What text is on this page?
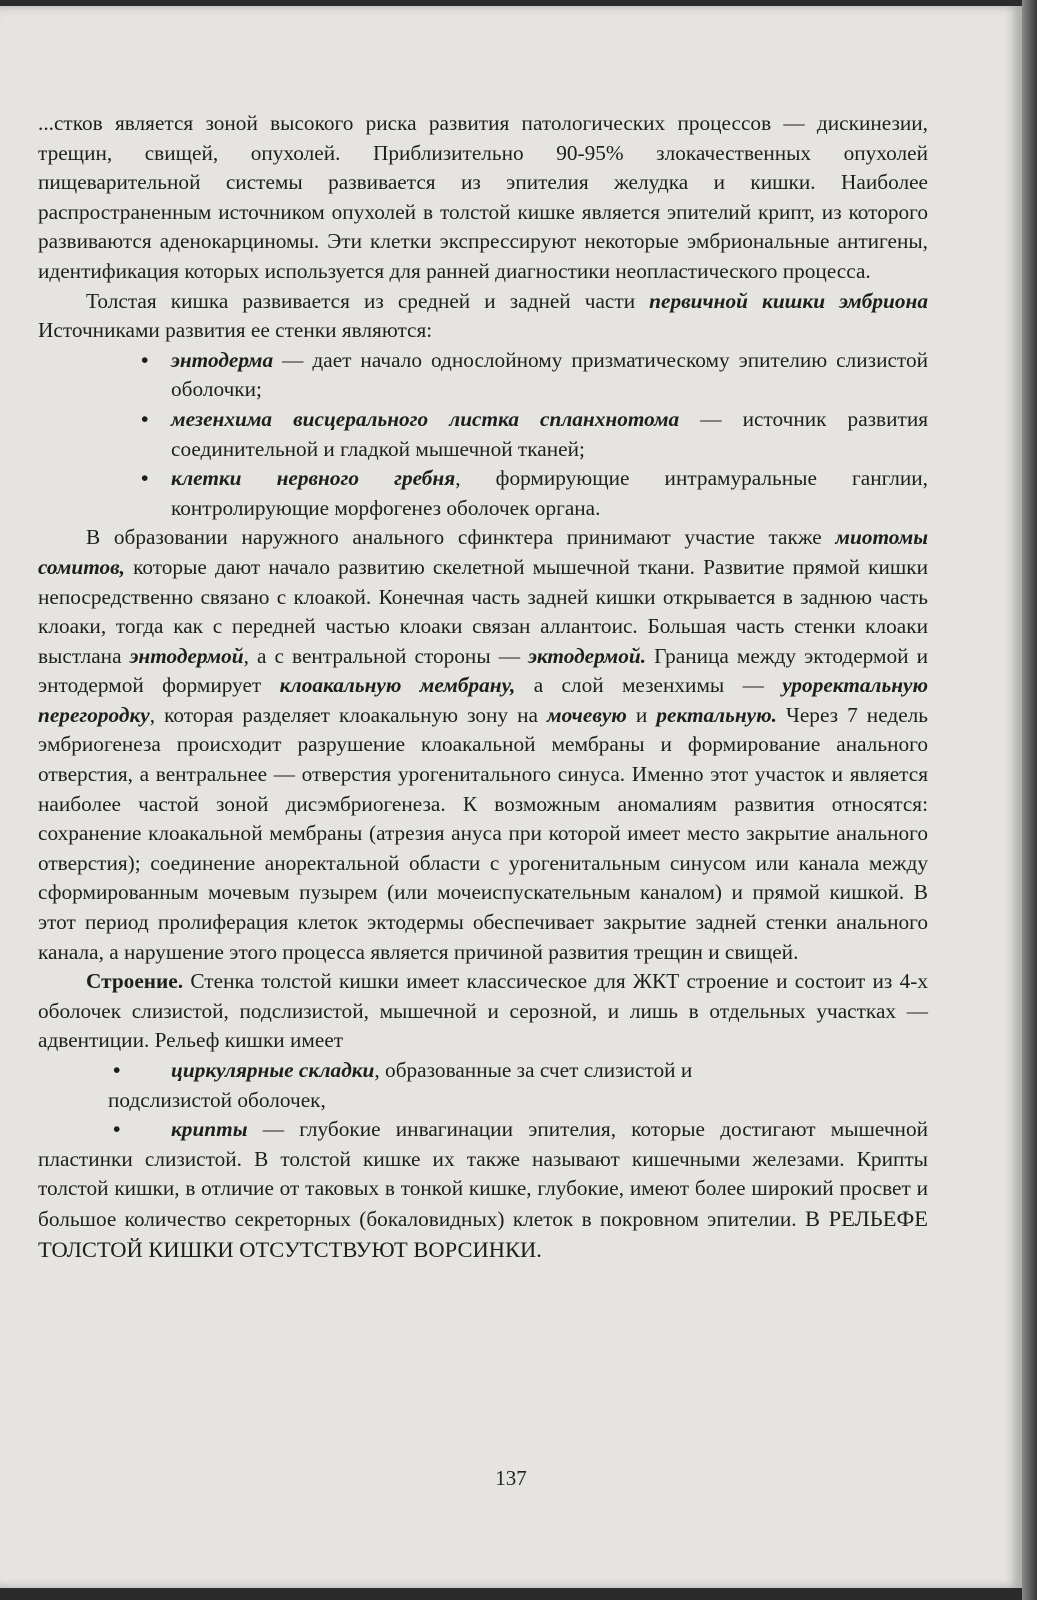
...стков является зоной высокого риска развития патологических процессов — дискинезии, трещин, свищей, опухолей. Приблизительно 90-95% злокачественных опухолей пищеварительной системы развивается из эпителия желудка и кишки. Наиболее распространенным источником опухолей в толстой кишке является эпителий крипт, из которого развиваются аденокарциномы. Эти клетки экспрессируют некоторые эмбриональные антигены, идентификация которых используется для ранней диагностики неопластического процесса.

Толстая кишка развивается из средней и задней части первичной кишки эмбриона Источниками развития ее стенки являются:

• энтодерма — дает начало однослойному призматическому эпителию слизистой оболочки;
• мезенхима висцерального листка спланхнотома — источник развития соединительной и гладкой мышечной тканей;
• клетки нервного гребня, формирующие интрамуральные ганглии, контролирующие морфогенез оболочек органа.

В образовании наружного анального сфинктера принимают участие также миотомы сомитов, которые дают начало развитию скелетной мышечной ткани. Развитие прямой кишки непосредственно связано с клоакой. Конечная часть задней кишки открывается в заднюю часть клоаки, тогда как с передней частью клоаки связан аллантоис. Большая часть стенки клоаки выстлана энтодермой, а с вентральной стороны — эктодермой. Граница между эктодермой и энтодермой формирует клоакальную мембрану, а слой мезенхимы — уроректальную перегородку, которая разделяет клоакальную зону на мочевую и ректальную. Через 7 недель эмбриогенеза происходит разрушение клоакальной мембраны и формирование анального отверстия, а вентральнее — отверстия урогенитального синуса. Именно этот участок и является наиболее частой зоной дисэмбриогенеза. К возможным аномалиям развития относятся: сохранение клоакальной мембраны (атрезия ануса при которой имеет место закрытие анального отверстия); соединение аноректальной области с урогенитальным синусом или канала между сформированным мочевым пузырем (или мочеиспускательным каналом) и прямой кишкой. В этот период пролиферация клеток эктодермы обеспечивает закрытие задней стенки анального канала, а нарушение этого процесса является причиной развития трещин и свищей.

Строение. Стенка толстой кишки имеет классическое для ЖКТ строение и состоит из 4-х оболочек слизистой, подслизистой, мышечной и серозной, и лишь в отдельных участках — адвентиции. Рельеф кишки имеет

• циркулярные складки, образованные за счет слизистой и
подслизистой оболочек,
• крипты — глубокие инвагинации эпителия, которые достигают мышечной пластинки слизистой. В толстой кишке их также называют кишечными железами. Крипты толстой кишки, в отличие от таковых в тонкой кишке, глубокие, имеют более широкий просвет и большое количество секреторных (бокаловидных) клеток в покровном эпителии. В РЕЛЬЕФЕ ТОЛСТОЙ КИШКИ ОТСУТСТВУЮТ ВОРСИНКИ.
137
